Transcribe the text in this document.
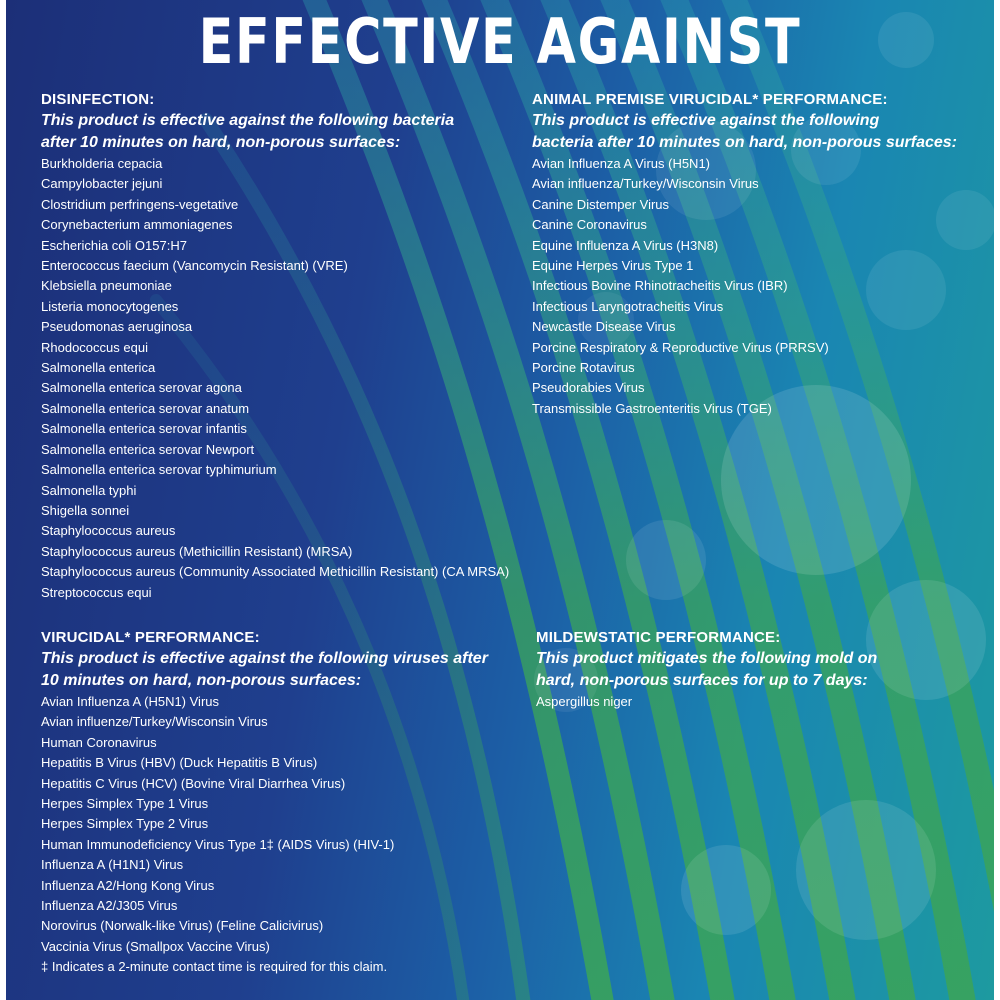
EFFECTIVE AGAINST
DISINFECTION:
This product is effective against the following bacteria
after 10 minutes on hard, non-porous surfaces:
Burkholderia cepacia
Campylobacter jejuni
Clostridium perfringens-vegetative
Corynebacterium ammoniagenes
Escherichia coli O157:H7
Enterococcus faecium (Vancomycin Resistant) (VRE)
Klebsiella pneumoniae
Listeria monocytogenes
Pseudomonas aeruginosa
Rhodococcus equi
Salmonella enterica
Salmonella enterica serovar agona
Salmonella enterica serovar anatum
Salmonella enterica serovar infantis
Salmonella enterica serovar Newport
Salmonella enterica serovar typhimurium
Salmonella typhi
Shigella sonnei
Staphylococcus aureus
Staphylococcus aureus (Methicillin Resistant) (MRSA)
Staphylococcus aureus (Community Associated Methicillin Resistant) (CA MRSA)
Streptococcus equi
ANIMAL PREMISE VIRUCIDAL* PERFORMANCE:
This product is effective against the following
bacteria after 10 minutes on hard, non-porous surfaces:
Avian Influenza A Virus (H5N1)
Avian influenza/Turkey/Wisconsin Virus
Canine Distemper Virus
Canine Coronavirus
Equine Influenza A Virus (H3N8)
Equine Herpes Virus Type 1
Infectious Bovine Rhinotracheitis Virus (IBR)
Infectious Laryngotracheitis Virus
Newcastle Disease Virus
Porcine Respiratory & Reproductive Virus (PRRSV)
Porcine Rotavirus
Pseudorabies Virus
Transmissible Gastroenteritis Virus (TGE)
VIRUCIDAL* PERFORMANCE:
This product is effective against the following viruses after
10 minutes on hard, non-porous surfaces:
Avian Influenza A (H5N1) Virus
Avian influenze/Turkey/Wisconsin Virus
Human Coronavirus
Hepatitis B Virus (HBV) (Duck Hepatitis B Virus)
Hepatitis C Virus (HCV) (Bovine Viral Diarrhea Virus)
Herpes Simplex Type 1 Virus
Herpes Simplex Type 2 Virus
Human Immunodeficiency Virus Type 1‡ (AIDS Virus) (HIV-1)
Influenza A (H1N1) Virus
Influenza A2/Hong Kong Virus
Influenza A2/J305 Virus
Norovirus (Norwalk-like Virus) (Feline Calicivirus)
Vaccinia Virus (Smallpox Vaccine Virus)
‡ Indicates a 2-minute contact time is required for this claim.
MILDEWSTATIC PERFORMANCE:
This product mitigates the following mold on
hard, non-porous surfaces for up to 7 days:
Aspergillus niger
